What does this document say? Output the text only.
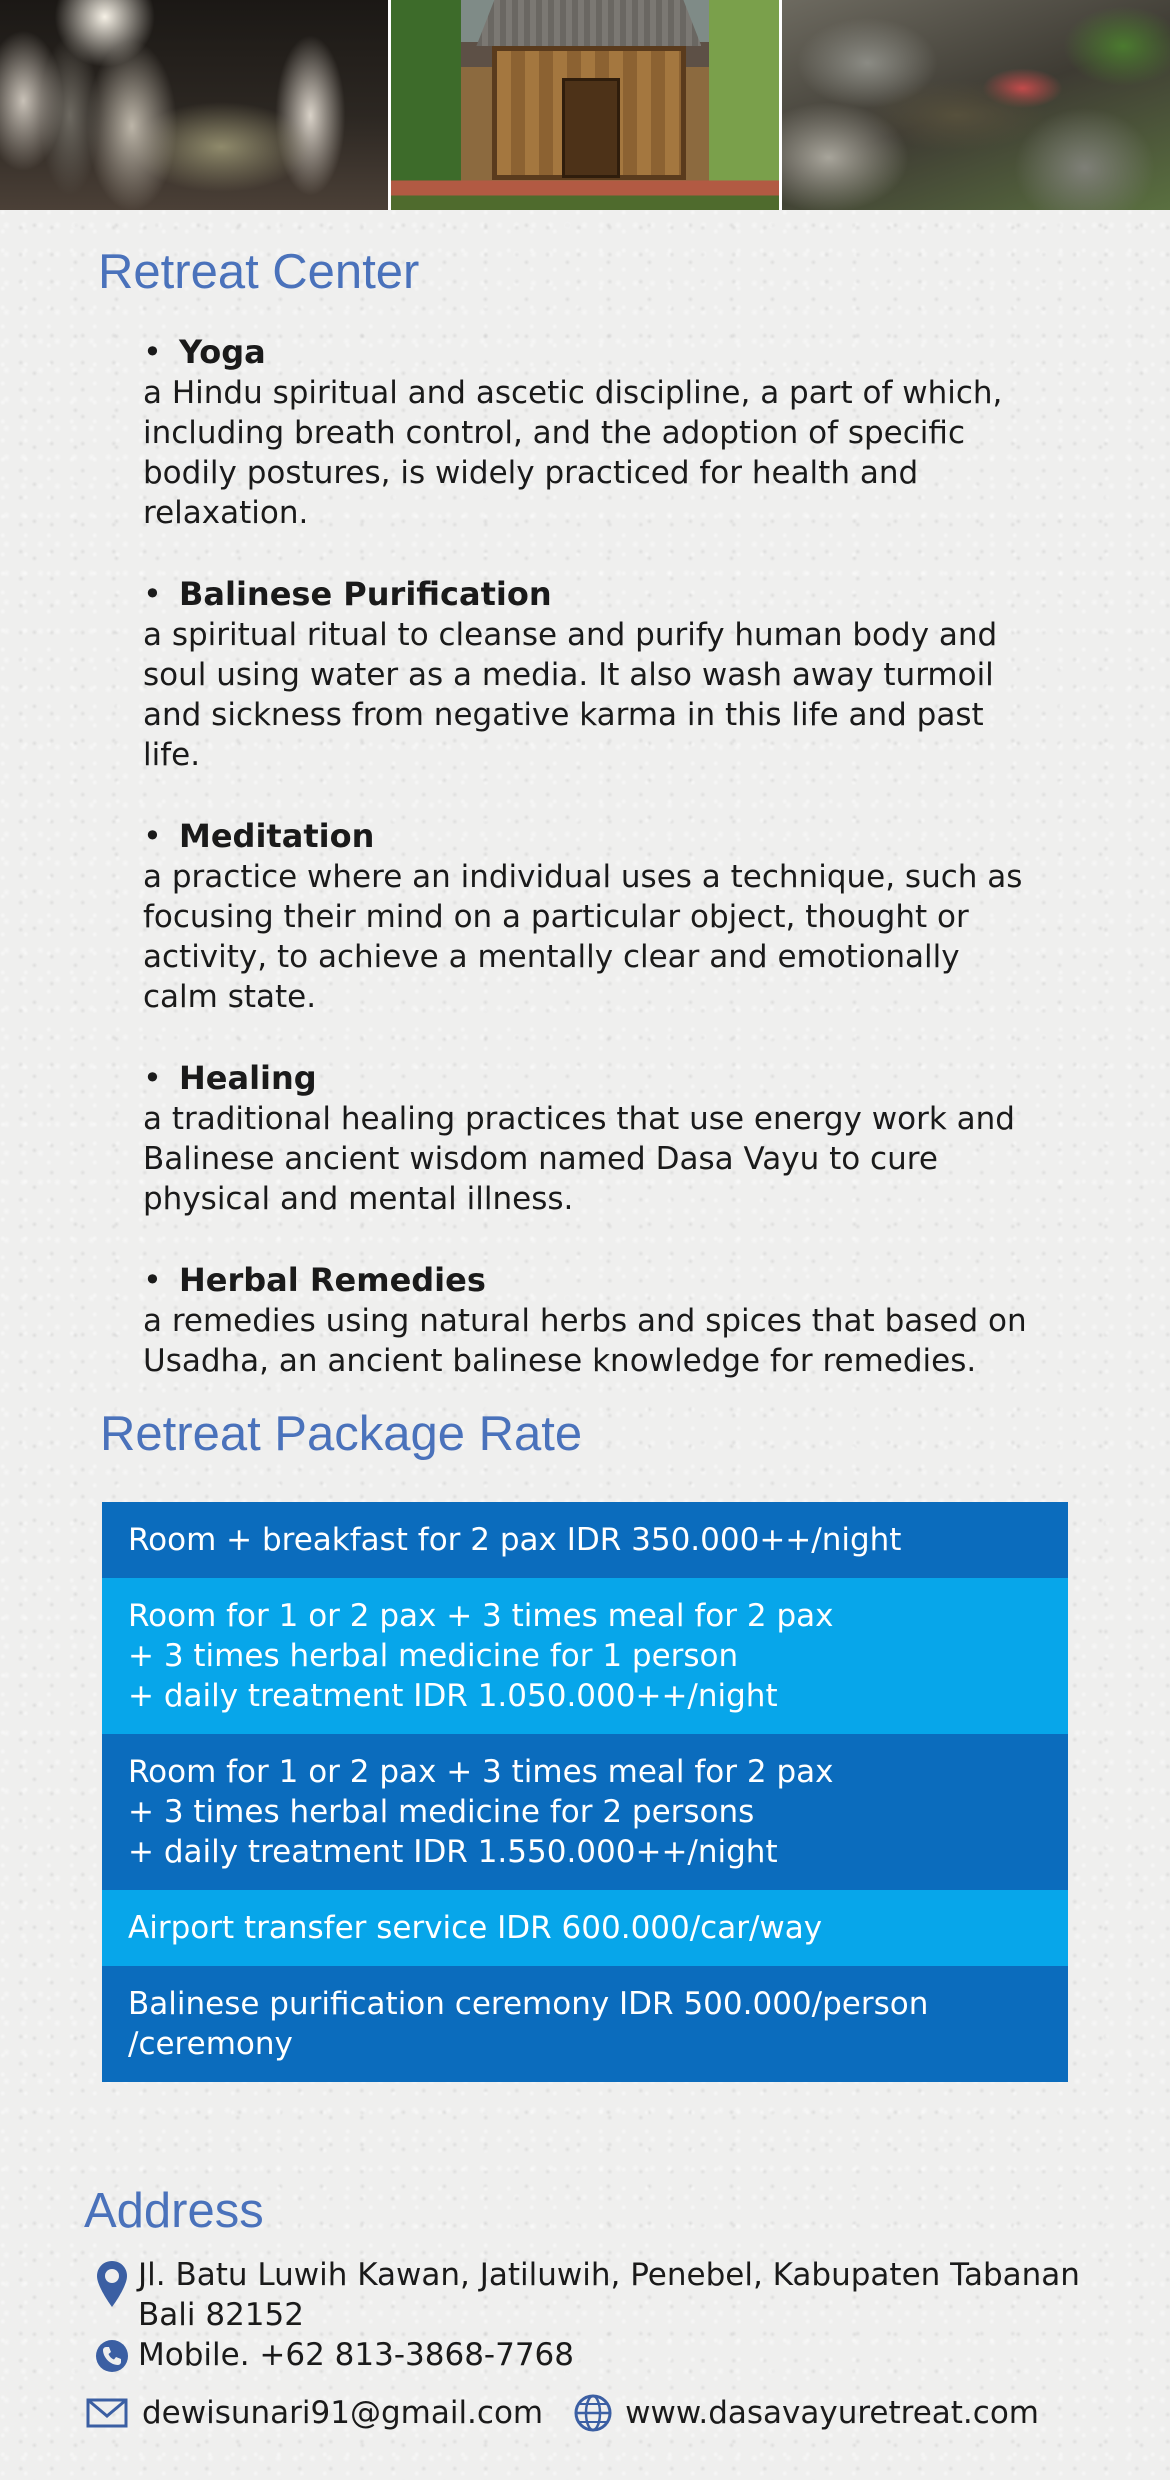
Retreat Center
• Yoga
a Hindu spiritual and ascetic discipline, a part of which, including breath control, and the adoption of specific bodily postures, is widely practiced for health and relaxation.
• Balinese Purification
a spiritual ritual to cleanse and purify human body and soul using water as a media. It also wash away turmoil and sickness from negative karma in this life and past life.
• Meditation
a practice where an individual uses a technique, such as focusing their mind on a particular object, thought or activity, to achieve a mentally clear and emotionally calm state.
• Healing
a traditional healing practices that use energy work and Balinese ancient wisdom named Dasa Vayu to cure physical and mental illness.
• Herbal Remedies
a remedies using natural herbs and spices that based on Usadha, an ancient balinese knowledge for remedies.
Retreat Package Rate
Room + breakfast for 2 pax IDR 350.000++/night
Room for 1 or 2 pax + 3 times meal for 2 pax
+ 3 times herbal medicine for 1 person
+ daily treatment IDR 1.050.000++/night
Room for 1 or 2 pax + 3 times meal for 2 pax
+ 3 times herbal medicine for 2 persons
+ daily treatment IDR 1.550.000++/night
Airport transfer service IDR 600.000/car/way
Balinese purification ceremony IDR 500.000/person
/ceremony
Address
Jl. Batu Luwih Kawan, Jatiluwih, Penebel, Kabupaten Tabanan
Bali 82152
Mobile. +62 813-3868-7768
dewisunari91@gmail.com	www.dasavayuretreat.com
